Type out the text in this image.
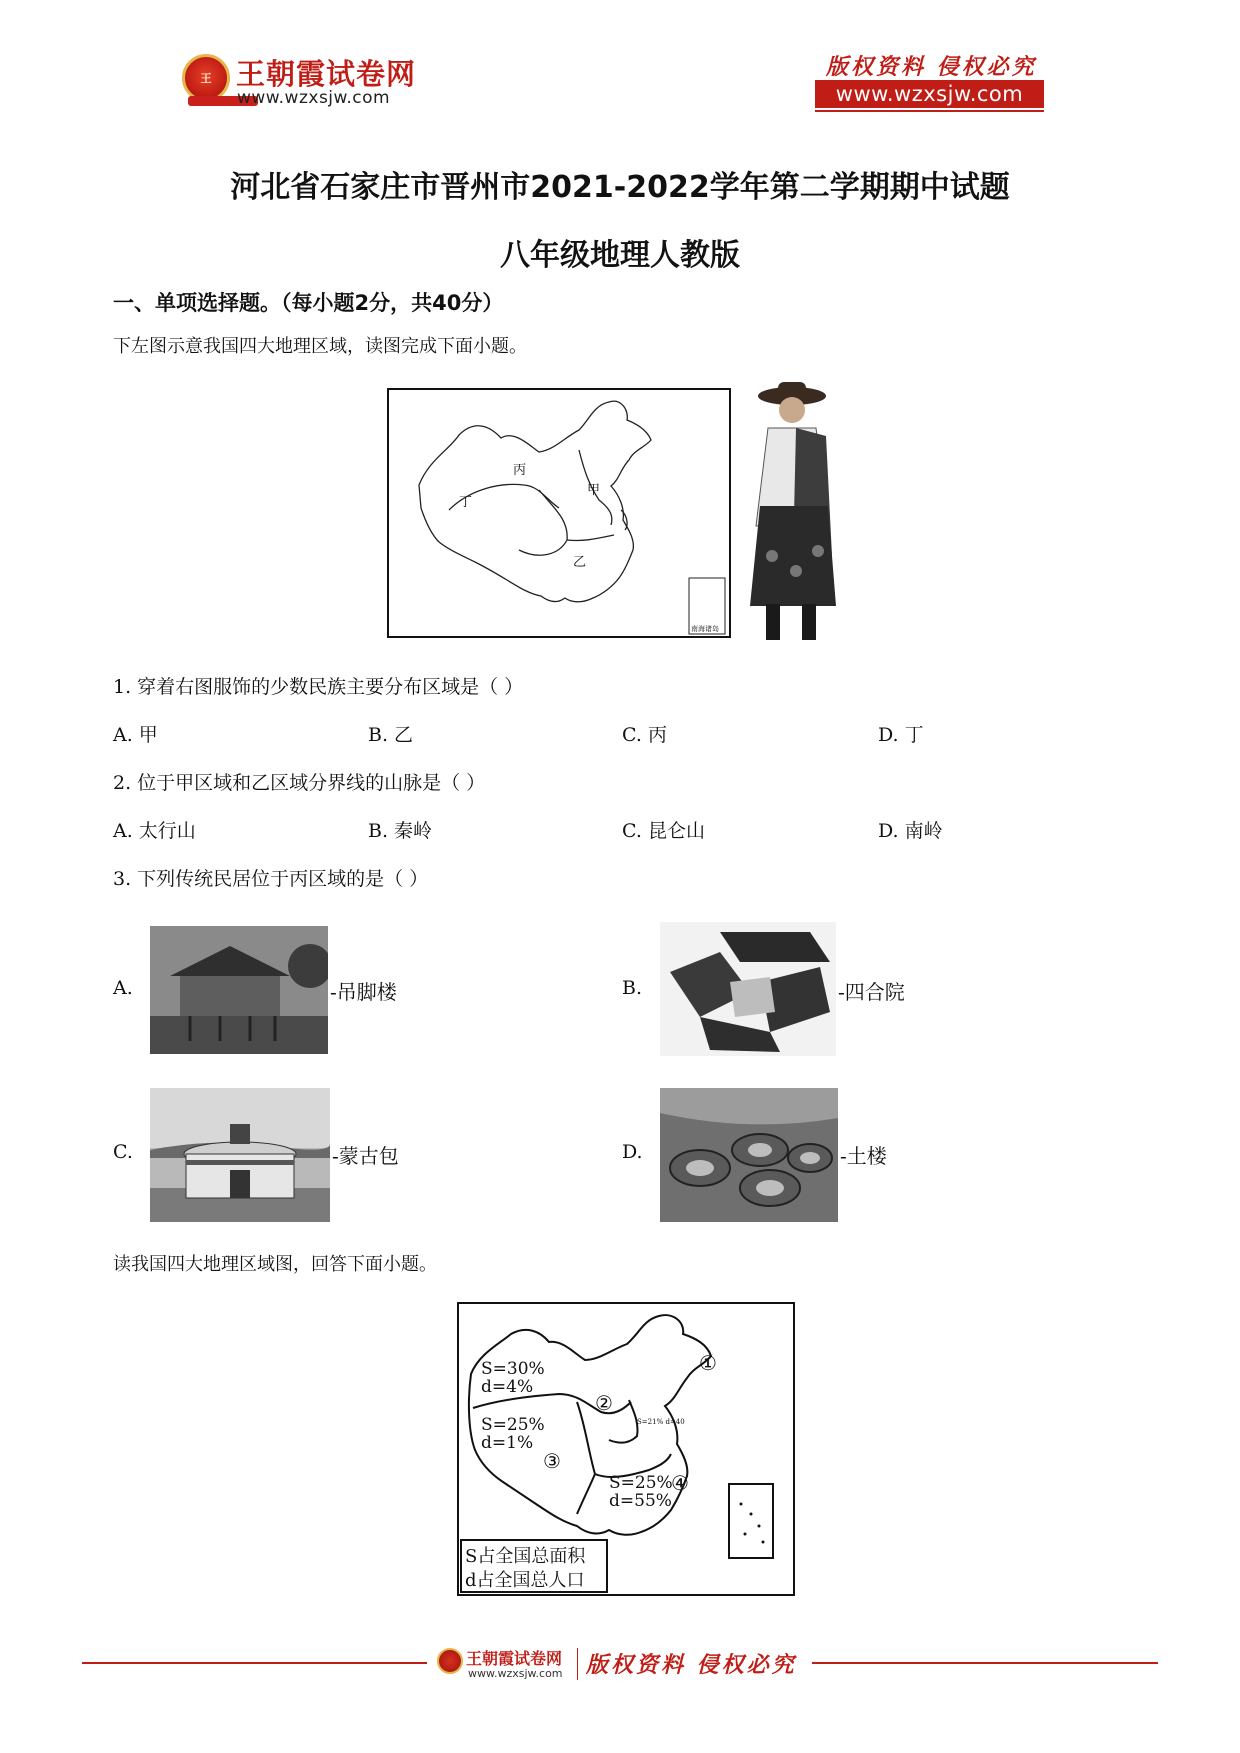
王 王朝霞试卷网
www.wzxsjw.com
版权资料 侵权必究
www.wzxsjw.com
河北省石家庄市晋州市2021-2022学年第二学期期中试题
八年级地理人教版
一、单项选择题。（每小题2分，共40分）
下左图示意我国四大地理区域，读图完成下面小题。
丙
甲
丁
乙
南海诸岛
1. 穿着右图服饰的少数民族主要分布区域是（ ）
A. 甲	B. 乙	C. 丙	D. 丁
2. 位于甲区域和乙区域分界线的山脉是（ ）
A. 太行山	B. 秦岭	C. 昆仑山	D. 南岭
3. 下列传统民居位于丙区域的是（ ）
A.	-吊脚楼	B.	-四合院
C.	-蒙古包	D.	-土楼
读我国四大地理区域图，回答下面小题。
S=30%
d=4%
S=25%
d=1%
S=25%
d=55%
S=21% d=40
①
②
③
④
S占全国总面积
d占全国总人口
王朝霞试卷网
www.wzxsjw.com 版权资料 侵权必究
